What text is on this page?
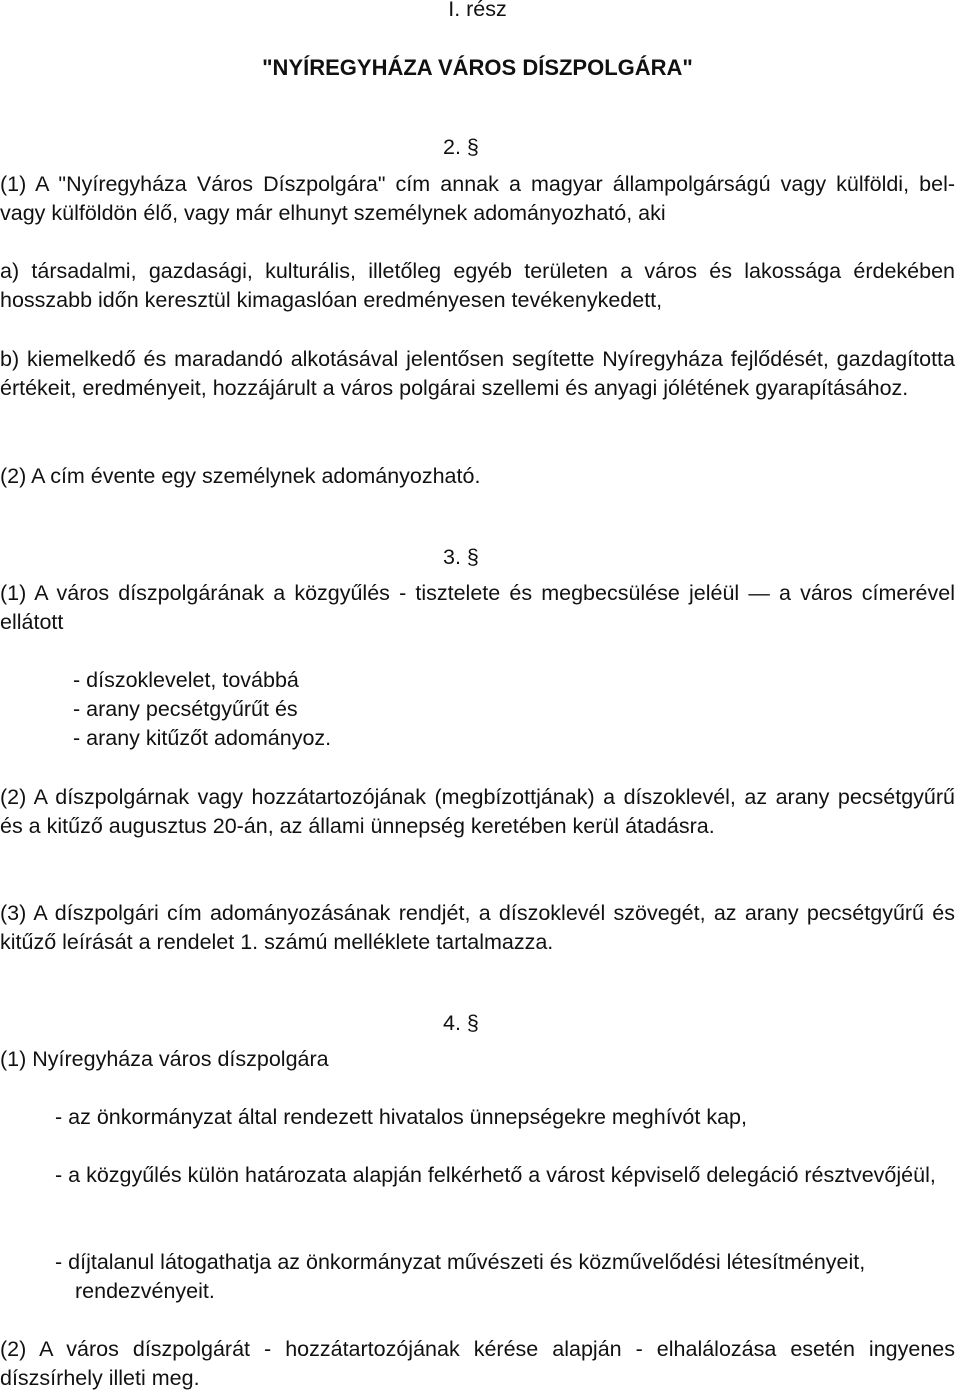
I. rész

"NYÍREGYHÁZA VÁROS DÍSZPOLGÁRA"

2. §

(1) A "Nyíregyháza Város Díszpolgára" cím annak a magyar állampolgárságú vagy külföldi, bel- vagy külföldön élő, vagy már elhunyt személynek adományozható, aki

a) társadalmi, gazdasági, kulturális, illetőleg egyéb területen a város és lakossága érdekében hosszabb időn keresztül kimagaslóan eredményesen tevékenykedett,

b) kiemelkedő és maradandó alkotásával jelentősen segítette Nyíregyháza fejlődését, gazdagította értékeit, eredményeit, hozzájárult a város polgárai szellemi és anyagi jólétének gyarapításához.

(2) A cím évente egy személynek adományozható.

3. §

(1) A város díszpolgárának a közgyűlés - tisztelete és megbecsülése jeléül — a város címerével ellátott

- díszoklevelet, továbbá
- arany pecsétgyűrűt és
- arany kitűzőt adományoz.

(2) A díszpolgárnak vagy hozzátartozójának (megbízottjának) a díszoklevél, az arany pecsétgyűrű és a kitűző augusztus 20-án, az állami ünnepség keretében kerül átadásra.

(3) A díszpolgári cím adományozásának rendjét, a díszoklevél szövegét, az arany pecsétgyűrű és kitűző leírását a rendelet 1. számú melléklete tartalmazza.

4. §

(1) Nyíregyháza város díszpolgára

- az önkormányzat által rendezett hivatalos ünnepségekre meghívót kap,

- a közgyűlés külön határozata alapján felkérhető a várost képviselő delegáció résztvevőjéül,

- díjtalanul látogathatja az önkormányzat művészeti és közművelődési létesítményeit, rendezvényeit.

(2) A város díszpolgárát - hozzátartozójának kérése alapján - elhalálozása esetén ingyenes díszsírhely illeti meg.
